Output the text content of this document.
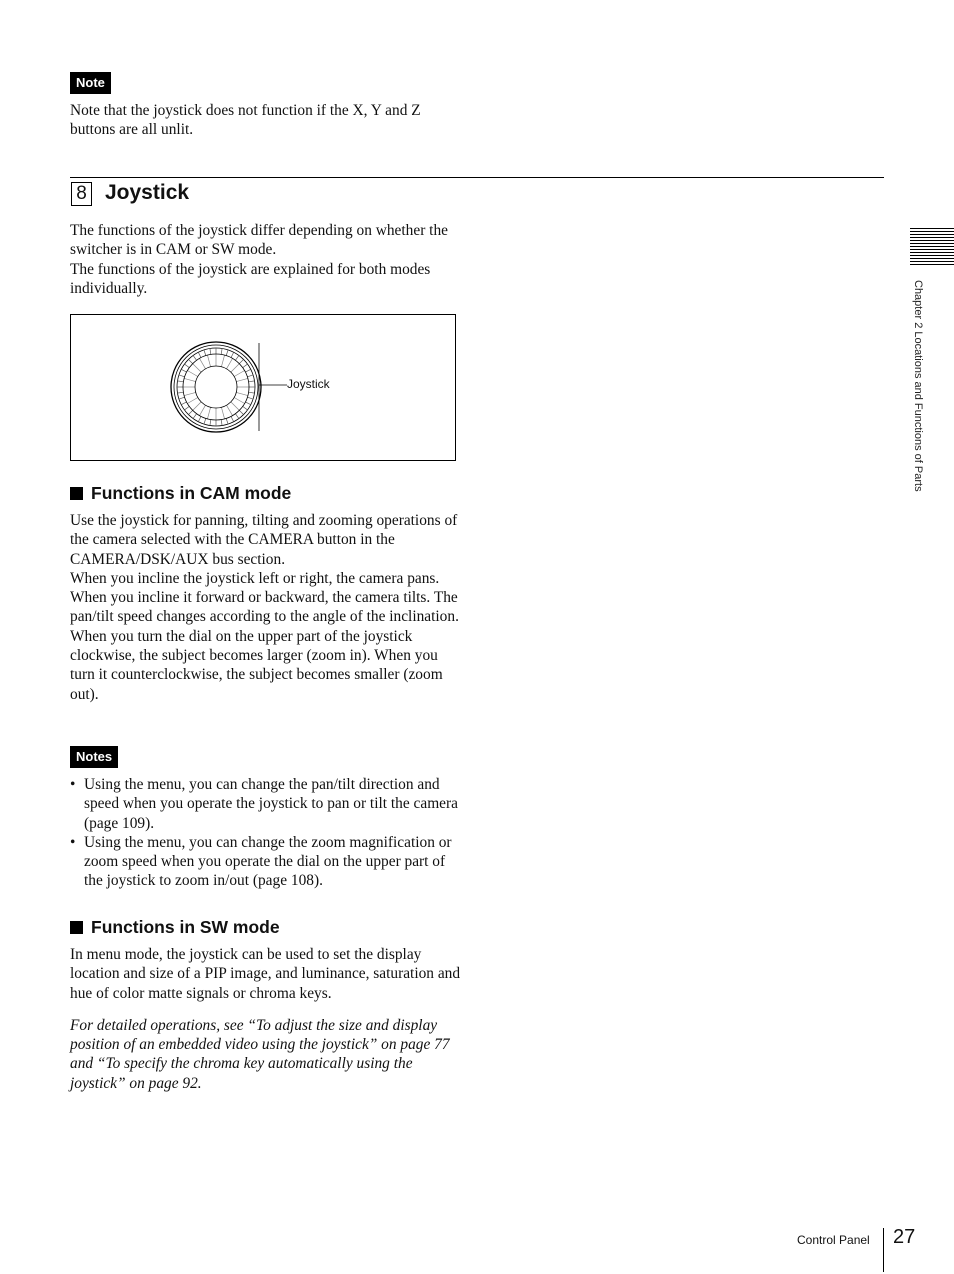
Note

Note that the joystick does not function if the X, Y and Z buttons are all unlit.

8 Joystick

The functions of the joystick differ depending on whether the switcher is in CAM or SW mode.

The functions of the joystick are explained for both modes individually.

Joystick
Functions in CAM mode

Use the joystick for panning, tilting and zooming operations of the camera selected with the CAMERA button in the CAMERA/DSK/AUX bus section.

When you incline the joystick left or right, the camera pans. When you incline it forward or backward, the camera tilts. The pan/tilt speed changes according to the angle of the inclination.

When you turn the dial on the upper part of the joystick clockwise, the subject becomes larger (zoom in). When you turn it counterclockwise, the subject becomes smaller (zoom out).

Notes
• Using the menu, you can change the pan/tilt direction and speed when you operate the joystick to pan or tilt the camera (page 109).
• Using the menu, you can change the zoom magnification or zoom speed when you operate the dial on the upper part of the joystick to zoom in/out (page 108).
Functions in SW mode

In menu mode, the joystick can be used to set the display location and size of a PIP image, and luminance, saturation and hue of color matte signals or chroma keys.

For detailed operations, see “To adjust the size and display position of an embedded video using the joystick” on page 77 and “To specify the chroma key automatically using the joystick” on page 92.

Chapter 2 Locations and Functions of Parts
Control Panel 27
